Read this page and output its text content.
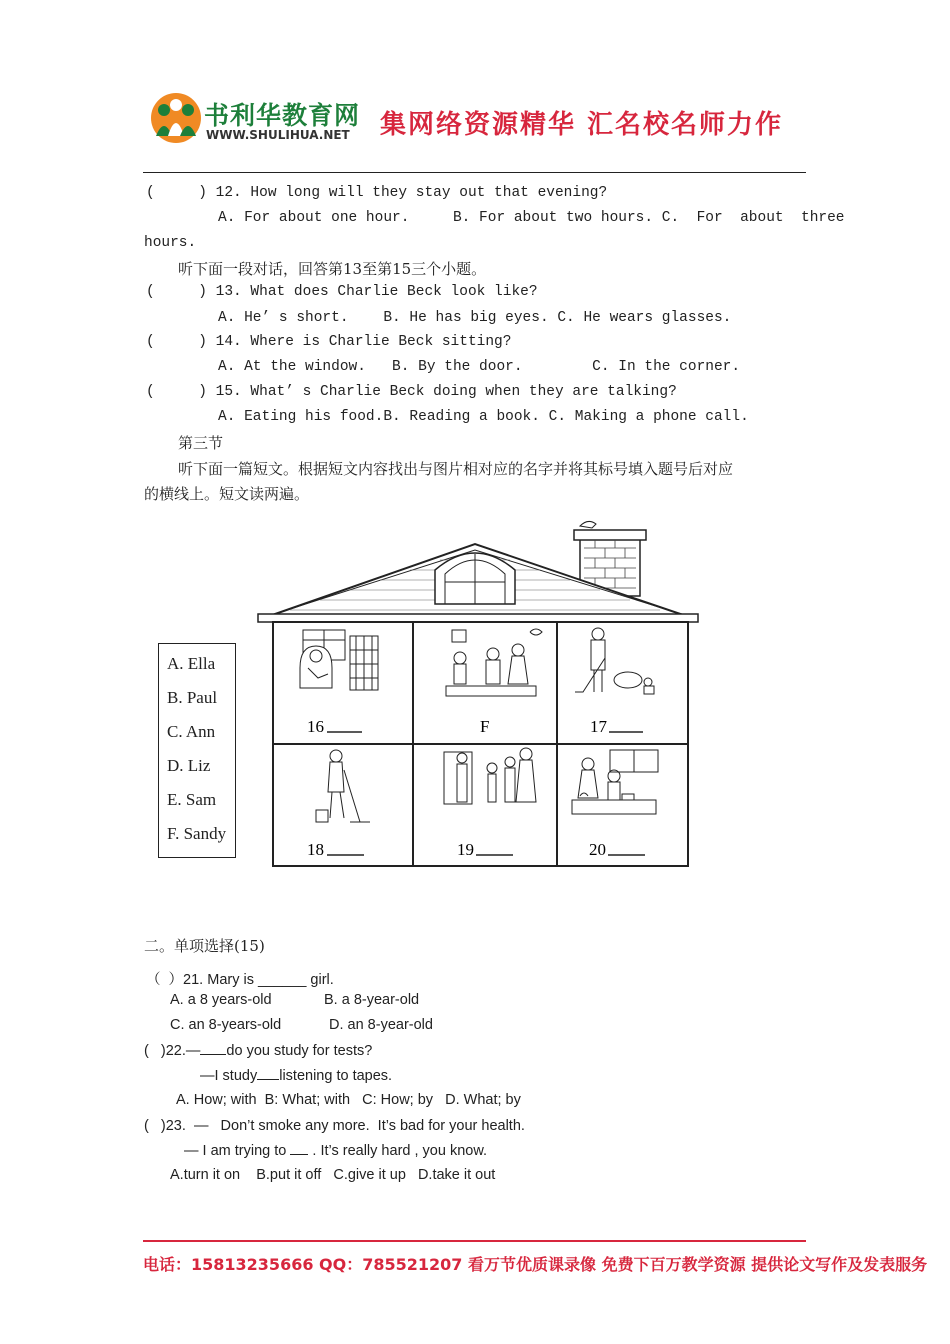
书利华教育网
WWW.SHULIHUA.NET 集网络资源精华 汇名校名师力作
(     ) 12. How long will they stay out that evening?
A. For about one hour.     B. For about two hours. C.  For  about  three
hours.
听下面一段对话，回答第13至第15三个小题。
(     ) 13. What does Charlie Beck look like?
A. He’ s short.    B. He has big eyes. C. He wears glasses.
(     ) 14. Where is Charlie Beck sitting?
A. At the window.   B. By the door.        C. In the corner.
(     ) 15. What’ s Charlie Beck doing when they are talking?
A. Eating his food.B. Reading a book. C. Making a phone call.
第三节
听下面一篇短文。根据短文内容找出与图片相对应的名字并将其标号填入题号后对应
的横线上。短文读两遍。
A. Ella
B. Paul
C. Ann
D. Liz
E. Sam
F. Sandy
16	F	17
18	19	20
二。单项选择(15)
（  ）21. Mary is ______ girl.
A. a 8 years-old	B. a 8-year-old
C. an 8-years-old	D. an 8-year-old
(   )22.— do you study for tests?
—I study listening to tapes.
A. How; with  B: What; with   C: How; by   D. What; by
(   )23.  —   Don’t smoke any more.  It’s bad for your health.
— I am trying to . It’s really hard , you know.
A.turn it on    B.put it off   C.give it up   D.take it out
电话：15813235666 QQ：785521207 看万节优质课录像 免费下百万教学资源 提供论文写作及发表服务
